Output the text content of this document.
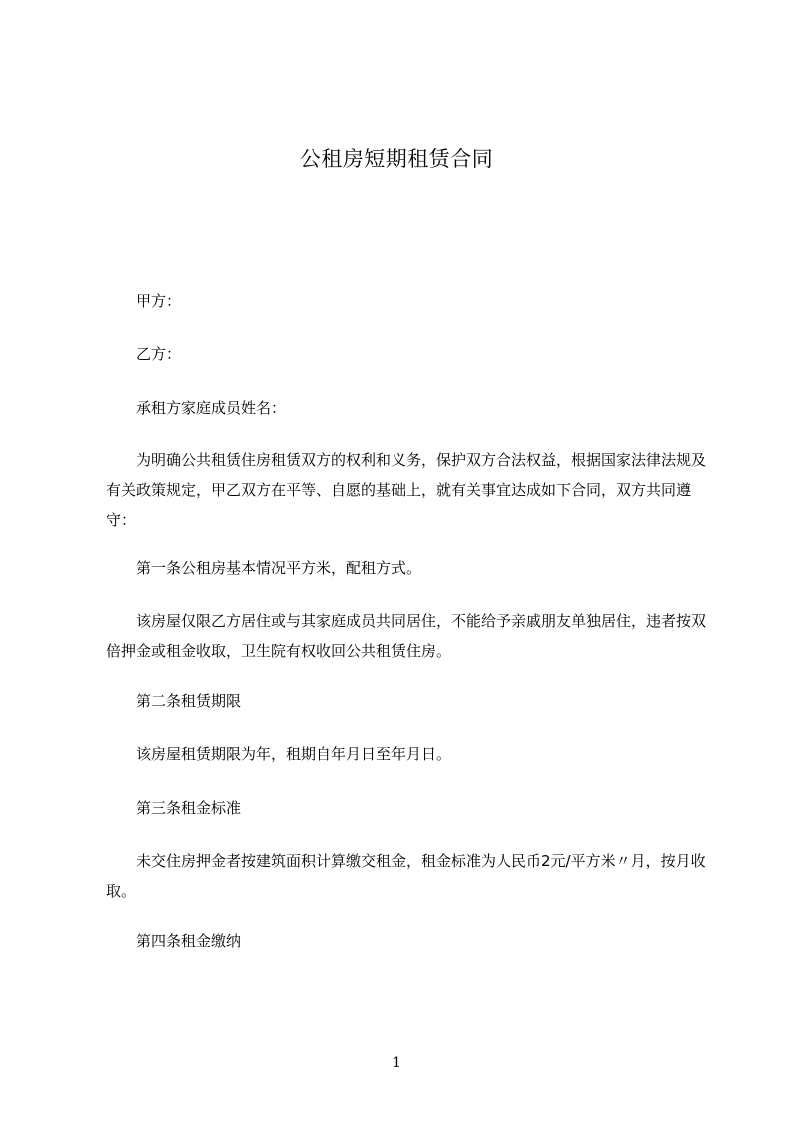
公租房短期租赁合同
甲方：
乙方：
承租方家庭成员姓名：
为明确公共租赁住房租赁双方的权利和义务，保护双方合法权益，根据国家法律法规及有关政策规定，甲乙双方在平等、自愿的基础上，就有关事宜达成如下合同，双方共同遵守：
第一条公租房基本情况平方米，配租方式。
该房屋仅限乙方居住或与其家庭成员共同居住，不能给予亲戚朋友单独居住，违者按双倍押金或租金收取，卫生院有权收回公共租赁住房。
第二条租赁期限
该房屋租赁期限为年，租期自年月日至年月日。
第三条租金标准
未交住房押金者按建筑面积计算缴交租金，租金标准为人民币2元/平方米〃月，按月收取。
第四条租金缴纳
1
